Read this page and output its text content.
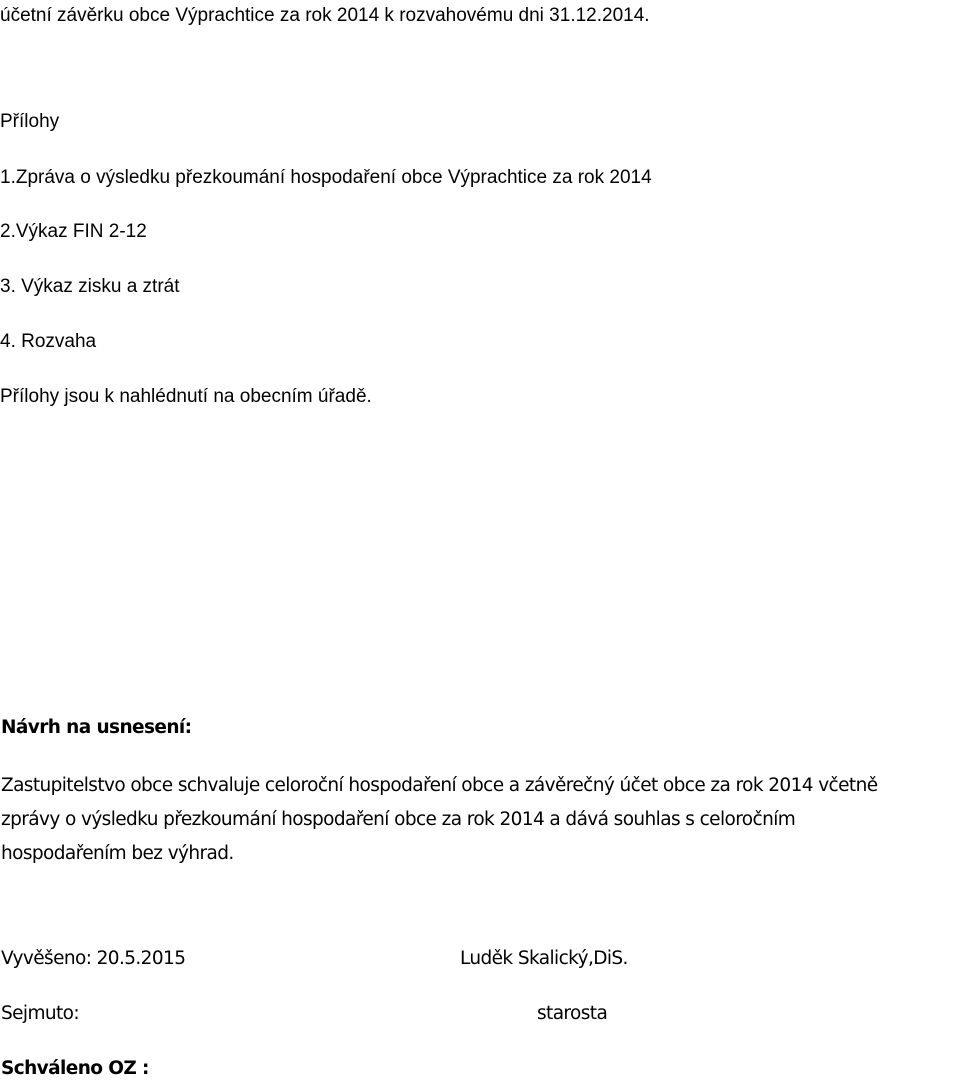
účetní závěrku obce Výprachtice za rok 2014 k rozvahovému dni 31.12.2014.
Přílohy
1.Zpráva o výsledku přezkoumání hospodaření obce Výprachtice za rok 2014
2.Výkaz FIN 2-12
3. Výkaz zisku a ztrát
4. Rozvaha
Přílohy jsou k nahlédnutí na obecním úřadě.
Návrh na usnesení:
Zastupitelstvo obce schvaluje celoroční hospodaření obce a závěrečný účet obce za rok 2014 včetně
zprávy o výsledku přezkoumání hospodaření obce za rok 2014 a dává souhlas s celoročním
hospodařením bez výhrad.
Vyvěšeno: 20.5.2015	Luděk Skalický,DiS.
Sejmuto:	starosta
Schváleno OZ :
